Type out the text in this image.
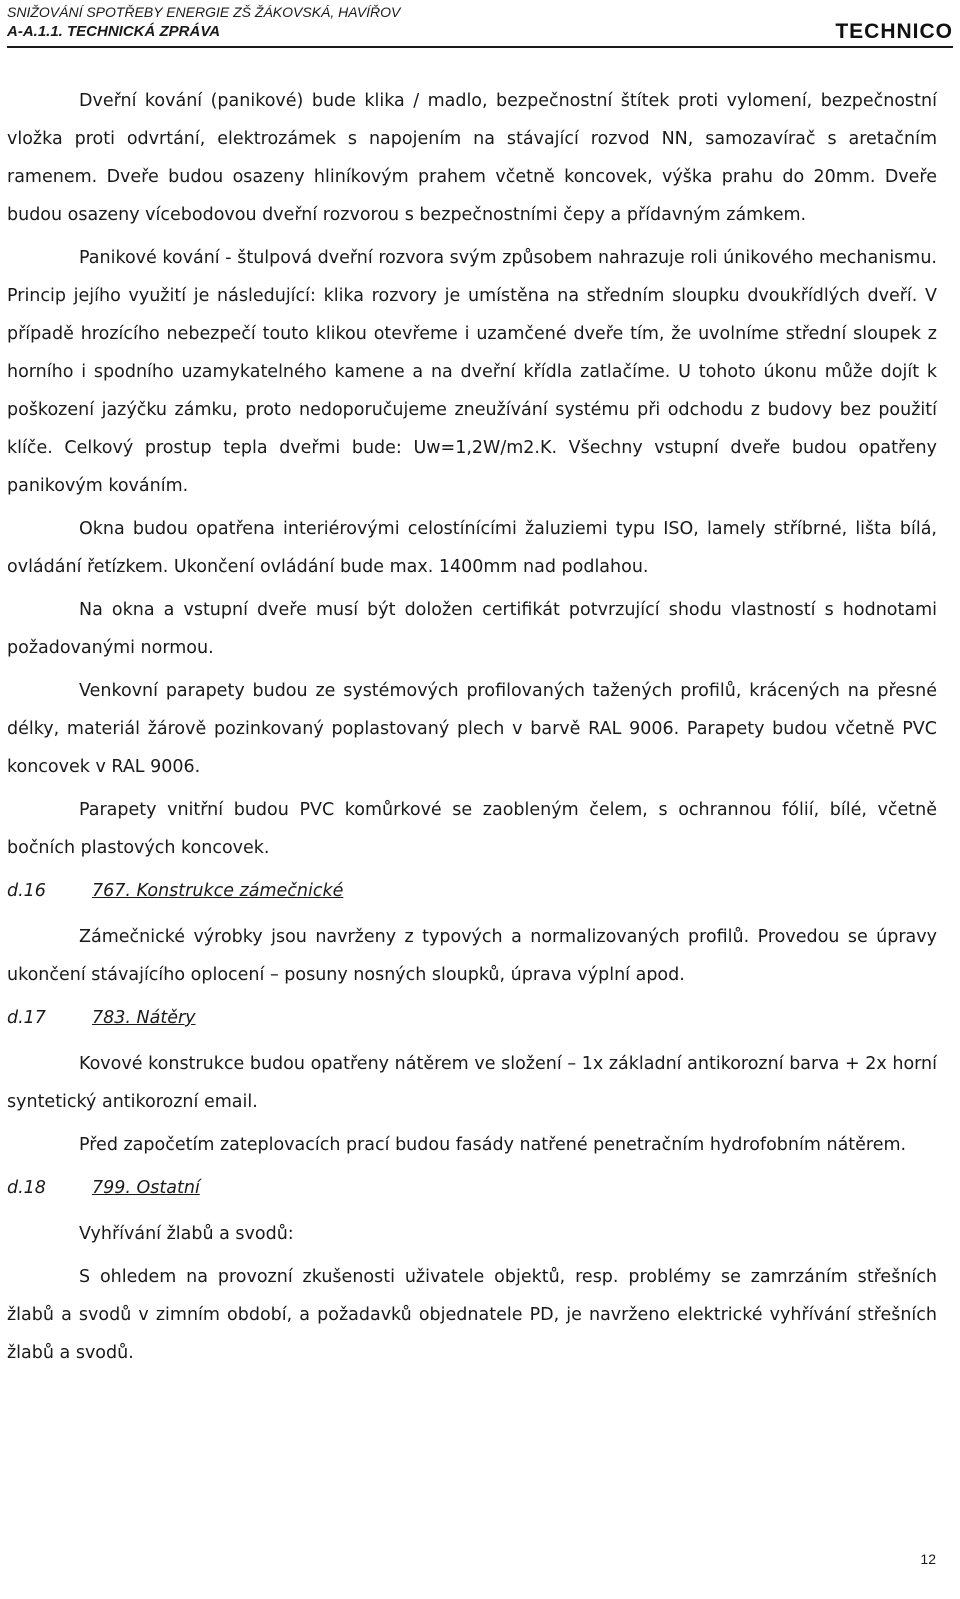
SNIŽOVÁNÍ SPOTŘEBY ENERGIE ZŠ ŽÁKOVSKÁ, HAVÍŘOV
A-A.1.1. TECHNICKÁ ZPRÁVA	TECHNICO

Dveřní kování (panikové) bude klika / madlo, bezpečnostní štítek proti vylomení, bezpečnostní vložka proti odvrtání, elektrozámek s napojením na stávající rozvod NN, samozavírač s aretačním ramenem. Dveře budou osazeny hliníkovým prahem včetně koncovek, výška prahu do 20mm. Dveře budou osazeny vícebodovou dveřní rozvorou s bezpečnostními čepy a přídavným zámkem.

Panikové kování - štulpová dveřní rozvora svým způsobem nahrazuje roli únikového mechanismu. Princip jejího využití je následující: klika rozvory je umístěna na středním sloupku dvoukřídlých dveří. V případě hrozícího nebezpečí touto klikou otevřeme i uzamčené dveře tím, že uvolníme střední sloupek z horního i spodního uzamykatelného kamene a na dveřní křídla zatlačíme. U tohoto úkonu může dojít k poškození jazýčku zámku, proto nedoporučujeme zneužívání systému při odchodu z budovy bez použití klíče. Celkový prostup tepla dveřmi bude: Uw=1,2W/m2.K. Všechny vstupní dveře budou opatřeny panikovým kováním.

Okna budou opatřena interiérovými celostínícími žaluziemi typu ISO, lamely stříbrné, lišta bílá, ovládání řetízkem. Ukončení ovládání bude max. 1400mm nad podlahou.

Na okna a vstupní dveře musí být doložen certifikát potvrzující shodu vlastností s hodnotami požadovanými normou.

Venkovní parapety budou ze systémových profilovaných tažených profilů, krácených na přesné délky, materiál žárově pozinkovaný poplastovaný plech v barvě RAL 9006. Parapety budou včetně PVC koncovek v RAL 9006.

Parapety vnitřní budou PVC komůrkové se zaobleným čelem, s ochrannou fólií, bílé, včetně bočních plastových koncovek.

d.16	767. Konstrukce zámečnické

Zámečnické výrobky jsou navrženy z typových a normalizovaných profilů. Provedou se úpravy ukončení stávajícího oplocení – posuny nosných sloupků, úprava výplní apod.

d.17	783. Nátěry

Kovové konstrukce budou opatřeny nátěrem ve složení – 1x základní antikorozní barva + 2x horní syntetický antikorozní email.

Před započetím zateplovacích prací budou fasády natřené penetračním hydrofobním nátěrem.

d.18	799. Ostatní

Vyhřívání žlabů a svodů:

S ohledem na provozní zkušenosti uživatele objektů, resp. problémy se zamrzáním střešních žlabů a svodů v zimním období, a požadavků objednatele PD, je navrženo elektrické vyhřívání střešních žlabů a svodů.

12
